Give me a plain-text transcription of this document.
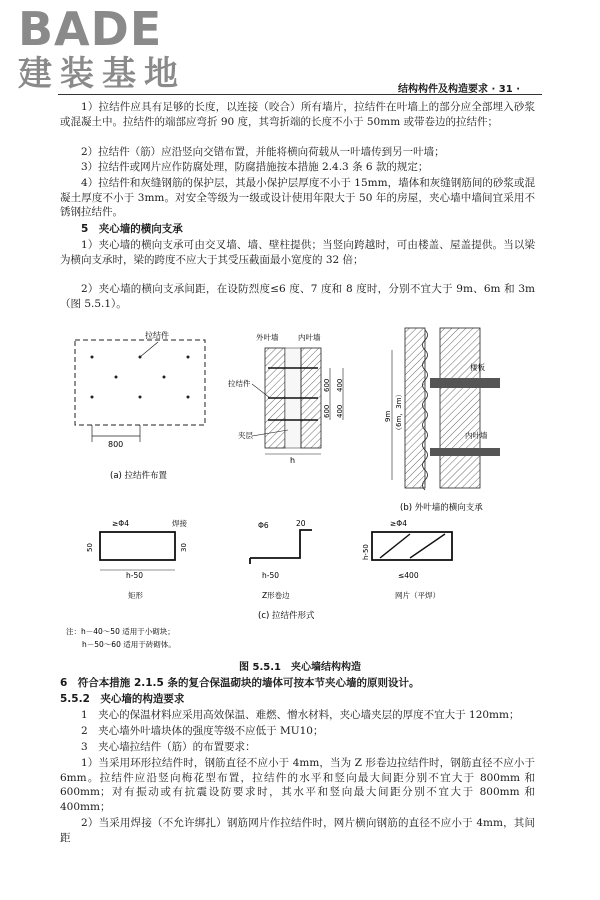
BADE
建装基地	结构构件及构造要求 · 31 ·
1）拉结件应具有足够的长度，以连接（咬合）所有墙片，拉结件在叶墙上的部分应全部埋入砂浆或混凝土中。拉结件的端部应弯折 90 度，其弯折端的长度不小于 50mm 或带卷边的拉结件；
2）拉结件（筋）应沿竖向交错布置，并能将横向荷载从一叶墙传到另一叶墙；
3）拉结件或网片应作防腐处理，防腐措施按本措施 2.4.3 条 6 款的规定；
4）拉结件和灰缝钢筋的保护层，其最小保护层厚度不小于 15mm，墙体和灰缝钢筋间的砂浆或混凝土厚度不小于 3mm。对安全等级为一级或设计使用年限大于 50 年的房屋，夹心墙中墙间宜采用不锈钢拉结件。
5　夹心墙的横向支承
1）夹心墙的横向支承可由交叉墙、墙、壁柱提供；当竖向跨越时，可由楼盖、屋盖提供。当以梁为横向支承时，梁的跨度不应大于其受压截面最小宽度的 32 倍；
2）夹心墙的横向支承间距，在设防烈度≤6 度、7 度和 8 度时，分别不宜大于 9m、6m 和 3m（图 5.5.1）。
拉结件
800
(a) 拉结件布置
外叶墙	内叶墙
拉结件
夹层
h
600 400
600 400
楼板
内叶墙
9m （6m，3m）
(b) 外叶墙的横向支承
≥Φ4	焊接
50	30
h-50
矩形
Φ6	20
h-50
Z形卷边
≥Φ4
h-50
≤400
网片（平焊）
(c) 拉结件形式
注：h－40～50 适用于小砌块；
h－50～60 适用于砖砌体。
图 5.5.1　夹心墙结构构造
6　符合本措施 2.1.5 条的复合保温砌块的墙体可按本节夹心墙的原则设计。
5.5.2　夹心墙的构造要求
1　夹心的保温材料应采用高效保温、难燃、憎水材料，夹心墙夹层的厚度不宜大于 120mm；
2　夹心墙外叶墙块体的强度等级不应低于 MU10；
3　夹心墙拉结件（筋）的布置要求：
1）当采用环形拉结件时，钢筋直径不应小于 4mm，当为 Z 形卷边拉结件时，钢筋直径不应小于 6mm。拉结件应沿竖向梅花型布置，拉结件的水平和竖向最大间距分别不宜大于 800mm 和 600mm；对有振动或有抗震设防要求时，其水平和竖向最大间距分别不宜大于 800mm 和 400mm；
2）当采用焊接（不允许绑扎）钢筋网片作拉结件时，网片横向钢筋的直径不应小于 4mm，其间距
